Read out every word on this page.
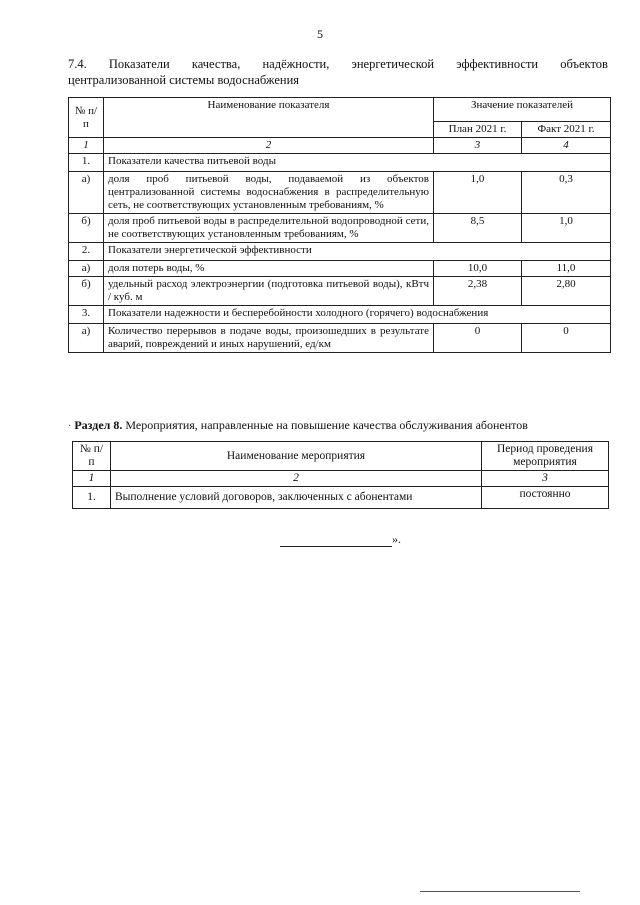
5
7.4. Показатели качества, надёжности, энергетической эффективности объектов
централизованной системы водоснабжения
№ п/п	Наименование показателя	Значение показателей	
		План 2021 г.	Факт 2021 г.
1	2	3	4
1.	Показатели качества питьевой воды		
а)	доля проб питьевой воды, подаваемой из объектов централизованной системы водоснабжения в распределительную сеть, не соответствующих установленным требованиям, %	1,0	0,3
б)	доля проб питьевой воды в распределительной водопроводной сети, не соответствующих установленным требованиям, %	8,5	1,0
2.	Показатели энергетической эффективности		
а)	доля потерь воды, %	10,0	11,0
б)	удельный расход электроэнергии (подготовка питьевой воды), кВтч / куб. м	2,38	2,80
3.	Показатели надежности и бесперебойности холодного (горячего) водоснабжения		
а)	Количество перерывов в подаче воды, произошедших в результате аварий, повреждений и иных нарушений, ед/км	0	0
· Раздел 8. Мероприятия, направленные на повышение качества обслуживания абонентов
№ п/п	Наименование мероприятия	Период проведения мероприятия
1	2	3
1.	Выполнение условий договоров, заключенных с абонентами	постоянно
».
